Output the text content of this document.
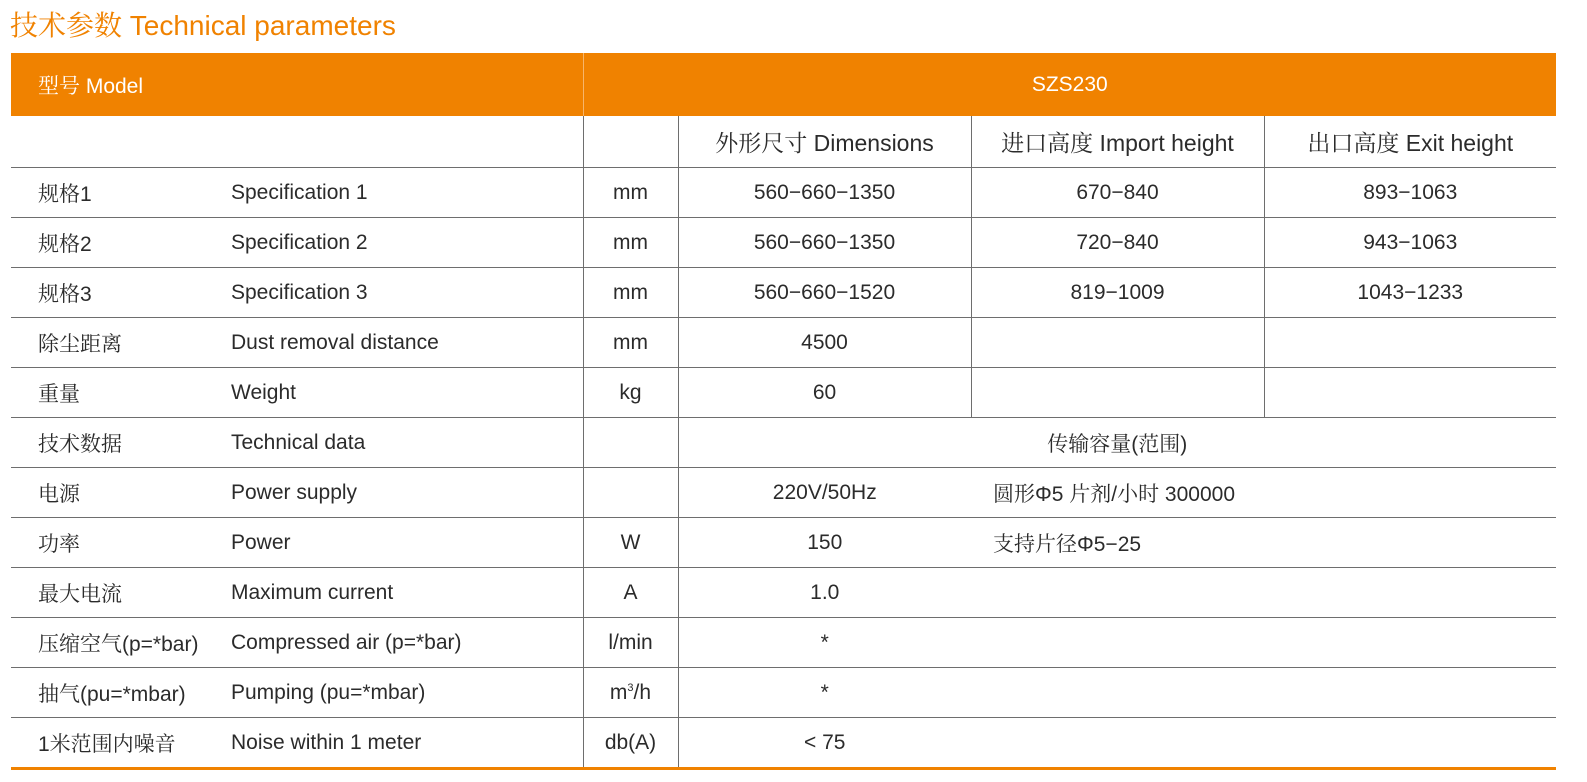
技术参数 Technical parameters
型号 Model		SZS230			
			外形尺寸 Dimensions	进口高度 Import height	出口高度 Exit height
规格1	Specification 1	mm	560−660−1350	670−840	893−1063
规格2	Specification 2	mm	560−660−1350	720−840	943−1063
规格3	Specification 3	mm	560−660−1520	819−1009	1043−1233
除尘距离	Dust removal distance	mm	4500		
重量	Weight	kg	60		
技术数据	Technical data		传输容量(范围)		
电源	Power supply		220V/50Hz	圆形Φ5 片剂/小时 300000	
功率	Power	W	150	支持片径Φ5−25	
最大电流	Maximum current	A	1.0		
压缩空气(p=*bar)	Compressed air (p=*bar)	l/min	*		
抽气(pu=*mbar)	Pumping (pu=*mbar)	$m^3/h$	*		
1米范围内噪音	Noise within 1 meter	db(A)	< 75		
